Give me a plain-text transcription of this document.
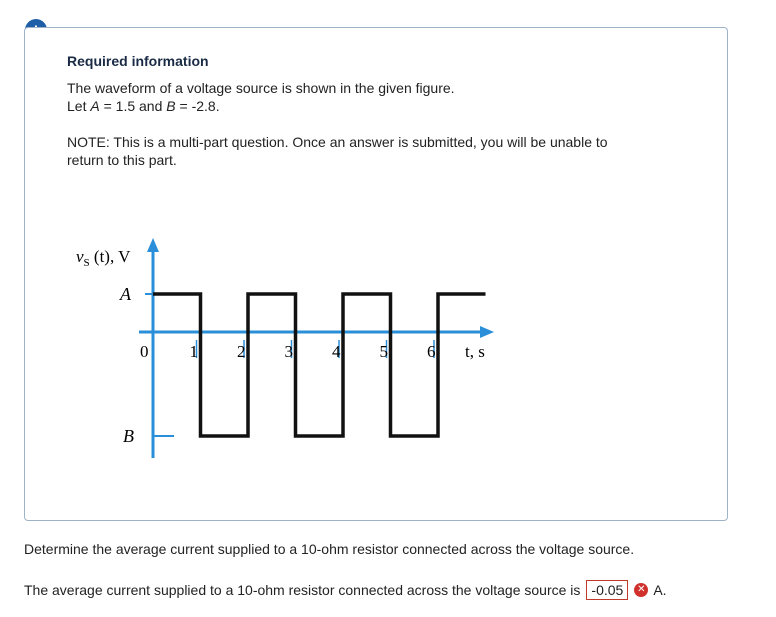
Required information
The waveform of a voltage source is shown in the given figure.
Let A = 1.5 and B = -2.8.
NOTE: This is a multi-part question. Once an answer is submitted, you will be unable to
return to this part.
$v_S$ (t), V
A
B
t, s
0 1 2 3 4 5 6
Determine the average current supplied to a 10-ohm resistor connected across the voltage source.
The average current supplied to a 10-ohm resistor connected across the voltage source is -0.05	✕ A.
